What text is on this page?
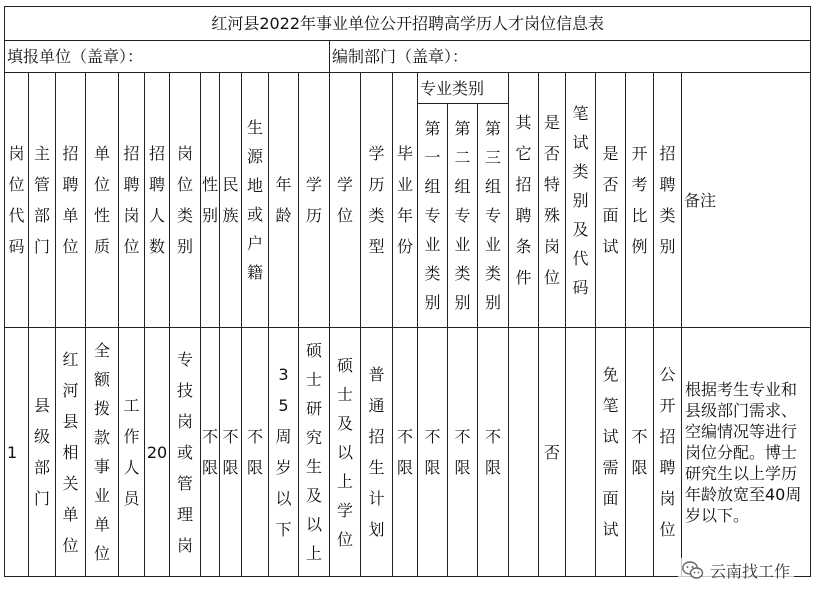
红河县2022年事业单位公开招聘高学历人才岗位信息表																								
填报单位（盖章）：												编制部门（盖章）：												
岗位代码	主管部门	招聘单位	单位性质	招聘岗位	招聘人数	岗位类别	性别	民族	生源地或户籍	年龄	学历	学位	学历类型	毕业年份	专业类别			其它招聘条件	是否特殊岗位	笔试类别及代码	是否面试	开考比例	招聘类别	备注
															第一组专业类别	第二组专业类别	第三组专业类别							
1	县级部门	红河县相关单位	全额拨款事业单位	工作人员	20	专技岗或管理岗	不限	不限	不限	35周岁以下	硕士研究生及以上	硕士及以上学位	普通招生计划	不限	不限	不限	不限		否		免笔试需面试	不限	公开招聘岗位	根据考生专业和县级部门需求、空编情况等进行岗位分配。博士研究生以上学历年龄放宽至40周岁以下。
云南找工作
